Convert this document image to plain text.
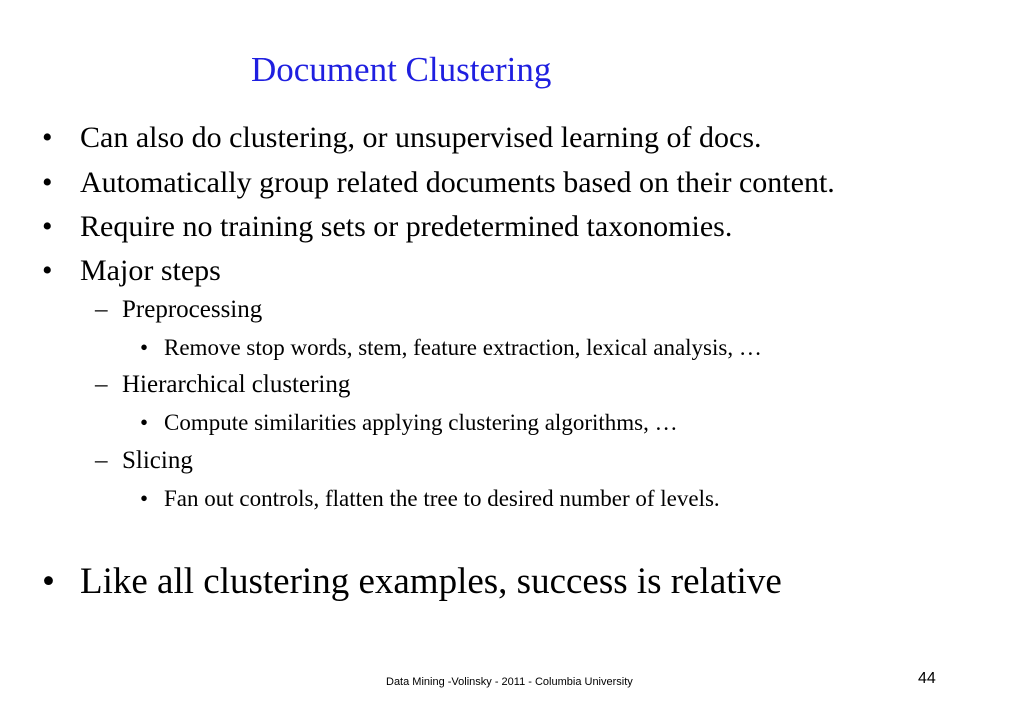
Document Clustering
• Can also do clustering, or unsupervised learning of docs.
• Automatically group related documents based on their content.
• Require no training sets or predetermined taxonomies.
• Major steps
– Preprocessing
• Remove stop words, stem, feature extraction, lexical analysis, …
– Hierarchical clustering
• Compute similarities applying clustering algorithms, …
– Slicing
• Fan out controls, flatten the tree to desired number of levels.
• Like all clustering examples, success is relative
Data Mining -Volinsky - 2011 - Columbia University	44
